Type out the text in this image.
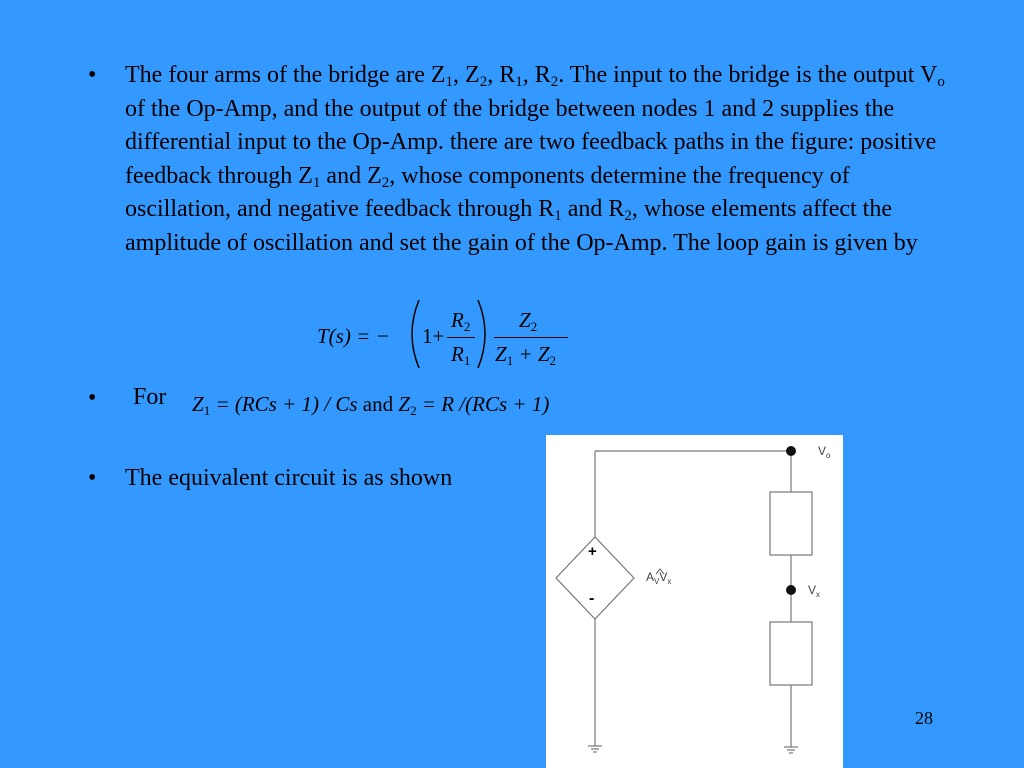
• The four arms of the bridge are $Z_1$, $Z_2$, $R_1$, $R_2$. The input to the bridge is the output $V_o$ of the Op-Amp, and the output of the bridge between nodes 1 and 2 supplies the differential input to the Op-Amp. there are two feedback paths in the figure: positive feedback through $Z_1$ and $Z_2$, whose components determine the frequency of oscillation, and negative feedback through $R_1$ and $R_2$, whose elements affect the amplitude of oscillation and set the gain of the Op-Amp. The loop gain is given by
T(s) = − 1+
$R_2$
$R_1$
$Z_2$
$Z_1 + Z_2$
• For	$Z_1 = (RCs + 1) / Cs$ and $Z_2 = R$ /(RCs + 1)
• The equivalent circuit is as shown
+
-
$A_VV_x$
$V_o$
$V_x$
28
